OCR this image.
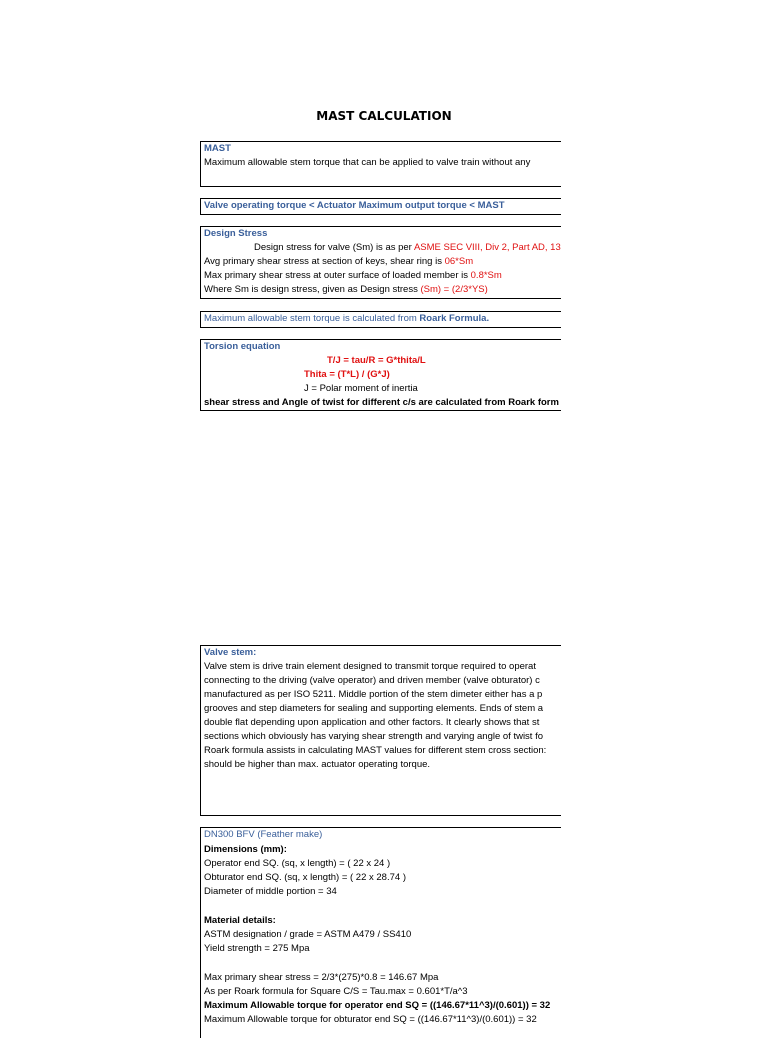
MAST CALCULATION
MAST
Maximum allowable stem torque that can be applied to valve train without any
Valve operating torque < Actuator Maximum output torque < MAST
Design Stress
Design stress for valve (Sm) is as per ASME SEC VIII, Div 2, Part AD, 13
Avg primary shear stress at section of keys, shear ring is 06*Sm
Max primary shear stress at outer surface of loaded member is 0.8*Sm
Where Sm is design stress, given as Design stress (Sm) = (2/3*YS)
Maximum allowable stem torque is calculated from Roark Formula.
Torsion equation
T/J = tau/R = G*thita/L
Thita = (T*L) / (G*J)
J = Polar moment of inertia
shear stress and Angle of twist for different c/s are calculated from Roark form
Valve stem:
Valve stem is drive train element designed to transmit torque required to operat
connecting to the driving (valve operator) and driven member (valve obturator) c
manufactured as per ISO 5211. Middle portion of the stem dimeter either has a p
grooves and step diameters for sealing and supporting elements. Ends of stem a
double flat depending upon application and other factors. It clearly shows that st
sections which obviously has varying shear strength and varying angle of twist fo
Roark formula assists in calculating MAST values for different stem cross section:
should be higher than max. actuator operating torque.
DN300 BFV (Feather make)
Dimensions (mm):
Operator end SQ. (sq, x length) = ( 22 x 24 )
Obturator end SQ. (sq, x length) = ( 22 x 28.74 )
Diameter of middle portion = 34
Material details:
ASTM designation / grade = ASTM A479 / SS410
Yield strength = 275 Mpa
Max primary shear stress = 2/3*(275)*0.8 = 146.67 Mpa
As per Roark formula for Square C/S = Tau.max = 0.601*T/a^3
Maximum Allowable torque for operator end SQ = ((146.67*11^3)/(0.601)) = 32
Maximum Allowable torque for obturator end SQ = ((146.67*11^3)/(0.601)) = 32
